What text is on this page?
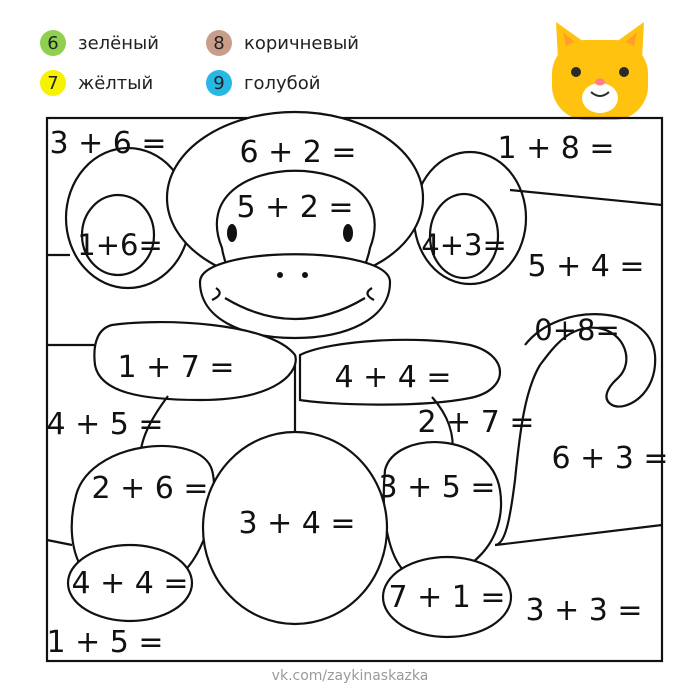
6	зелёный	8	коричневый
7	жёлтый	9	голубой
3 + 6 = 6 + 2 =	1 + 8 =
5 + 2 =
1+6=	4+3=
5 + 4 =
0+8=
1 + 7 =	4 + 4 =
4 + 5 =	2 + 7 =
6 + 3 =
2 + 6 =
3 + 4 =
3 + 5 =
4 + 4 =	7 + 1 = 3 + 3 =
1 + 5 =
vk.com/zaykinaskazka
